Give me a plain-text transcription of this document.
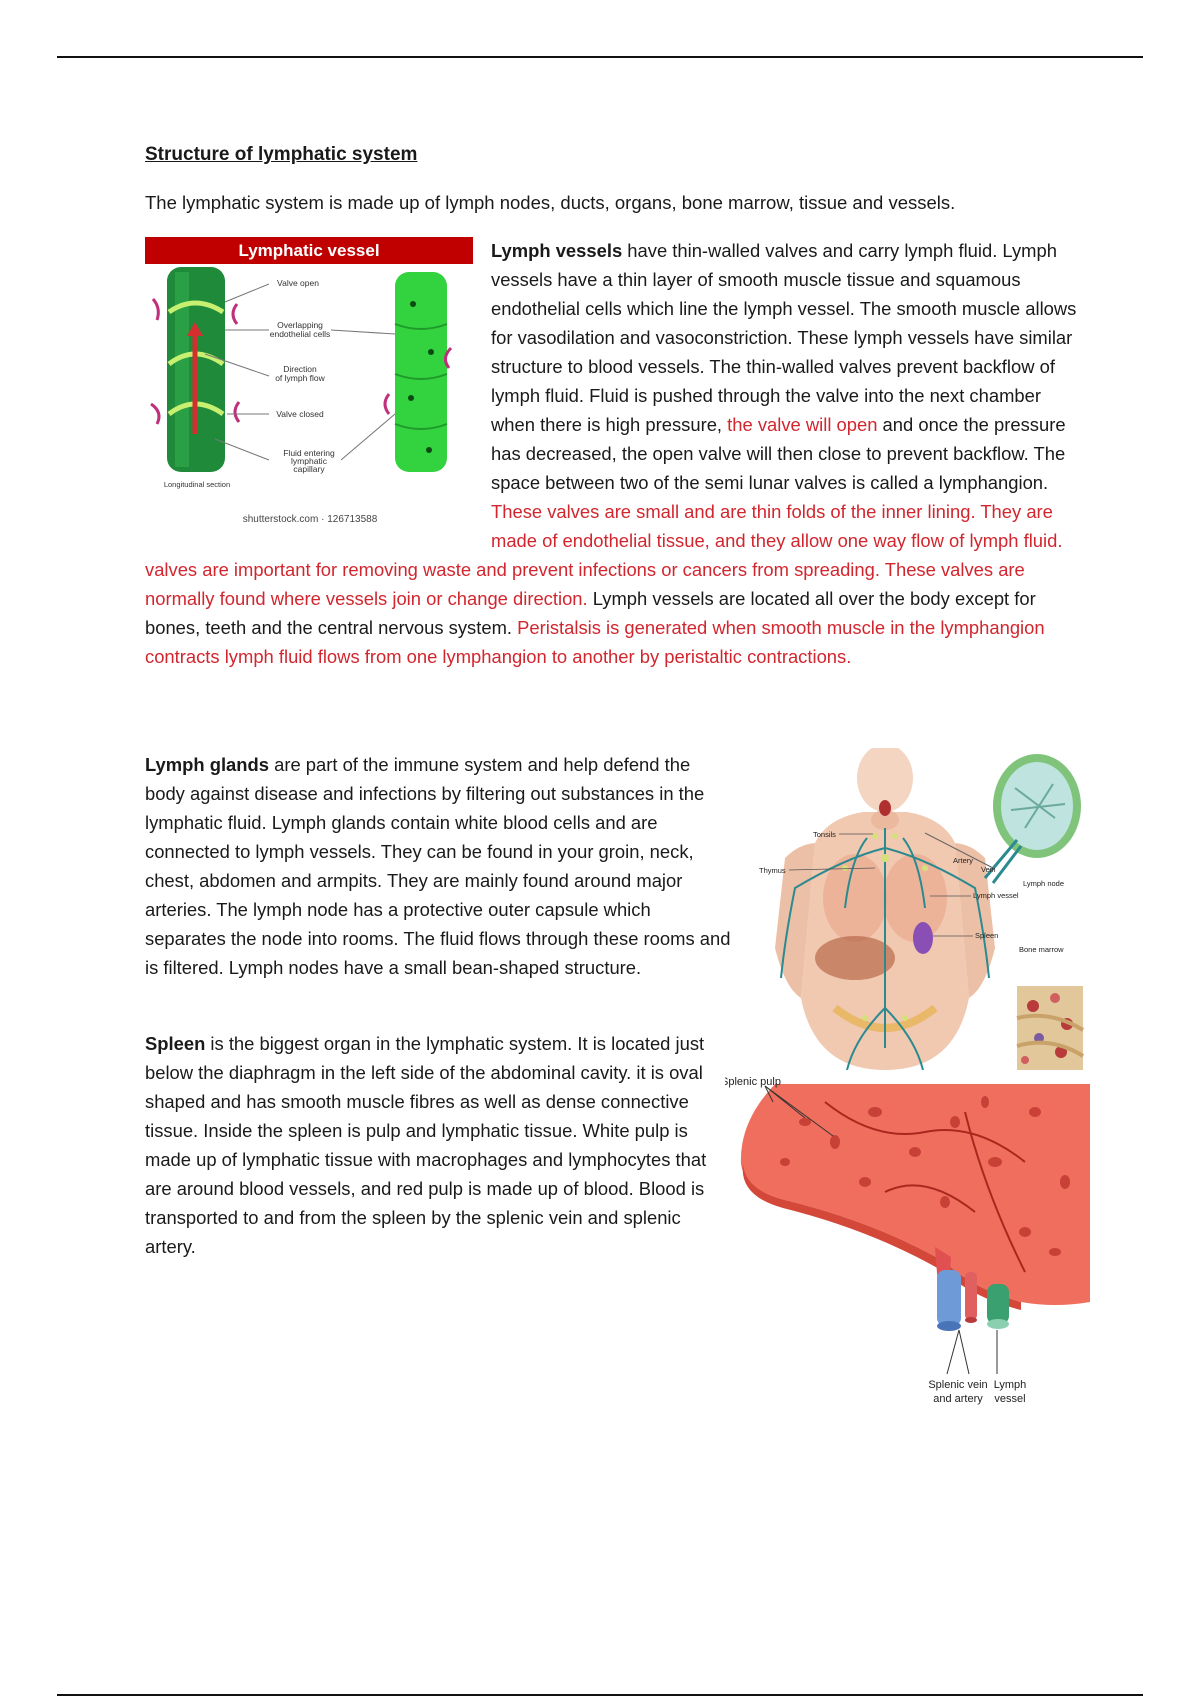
Structure of lymphatic system

The lymphatic system is made up of lymph nodes, ducts, organs, bone marrow, tissue and vessels.

Lymphatic vessel
Valve open
Overlapping
endothelial cells
Direction
of lymph flow
Valve closed
Fluid entering
lymphatic
capillary
Longitudinal section
shutterstock.com · 126713588

Lymph vessels have thin-walled valves and carry lymph fluid. Lymph vessels have a thin layer of smooth muscle tissue and squamous endothelial cells which line the lymph vessel. The smooth muscle allows for vasodilation and vasoconstriction. These lymph vessels have similar structure to blood vessels. The thin-walled valves prevent backflow of lymph fluid. Fluid is pushed through the valve into the next chamber when there is high pressure, the valve will open and once the pressure has decreased, the open valve will then close to prevent backflow. The space between two of the semi lunar valves is called a lymphangion. These valves are small and are thin folds of the inner lining. They are made of endothelial tissue, and they allow one way flow of lymph fluid. valves are important for removing waste and prevent infections or cancers from spreading. These valves are normally found where vessels join or change direction. Lymph vessels are located all over the body except for bones, teeth and the central nervous system. Peristalsis is generated when smooth muscle in the lymphangion contracts lymph fluid flows from one lymphangion to another by peristaltic contractions.

Lymph glands are part of the immune system and help defend the body against disease and infections by filtering out substances in the lymphatic fluid. Lymph glands contain white blood cells and are connected to lymph vessels. They can be found in your groin, neck, chest, abdomen and armpits. They are mainly found around major arteries. The lymph node has a protective outer capsule which separates the node into rooms. The fluid flows through these rooms and is filtered. Lymph nodes have a small bean-shaped structure.

Tonsils
Thymus
Artery
Vein
Lymph node
Lymph vessel
Spleen
Bone marrow

Spleen is the biggest organ in the lymphatic system. It is located just below the diaphragm in the left side of the abdominal cavity. it is oval shaped and has smooth muscle fibres as well as dense connective tissue. Inside the spleen is pulp and lymphatic tissue. White pulp is made up of lymphatic tissue with macrophages and lymphocytes that are around blood vessels, and red pulp is made up of blood. Blood is transported to and from the spleen by the splenic vein and splenic artery.

Splenic pulp
Splenic vein
and artery
Lymph
vessel
